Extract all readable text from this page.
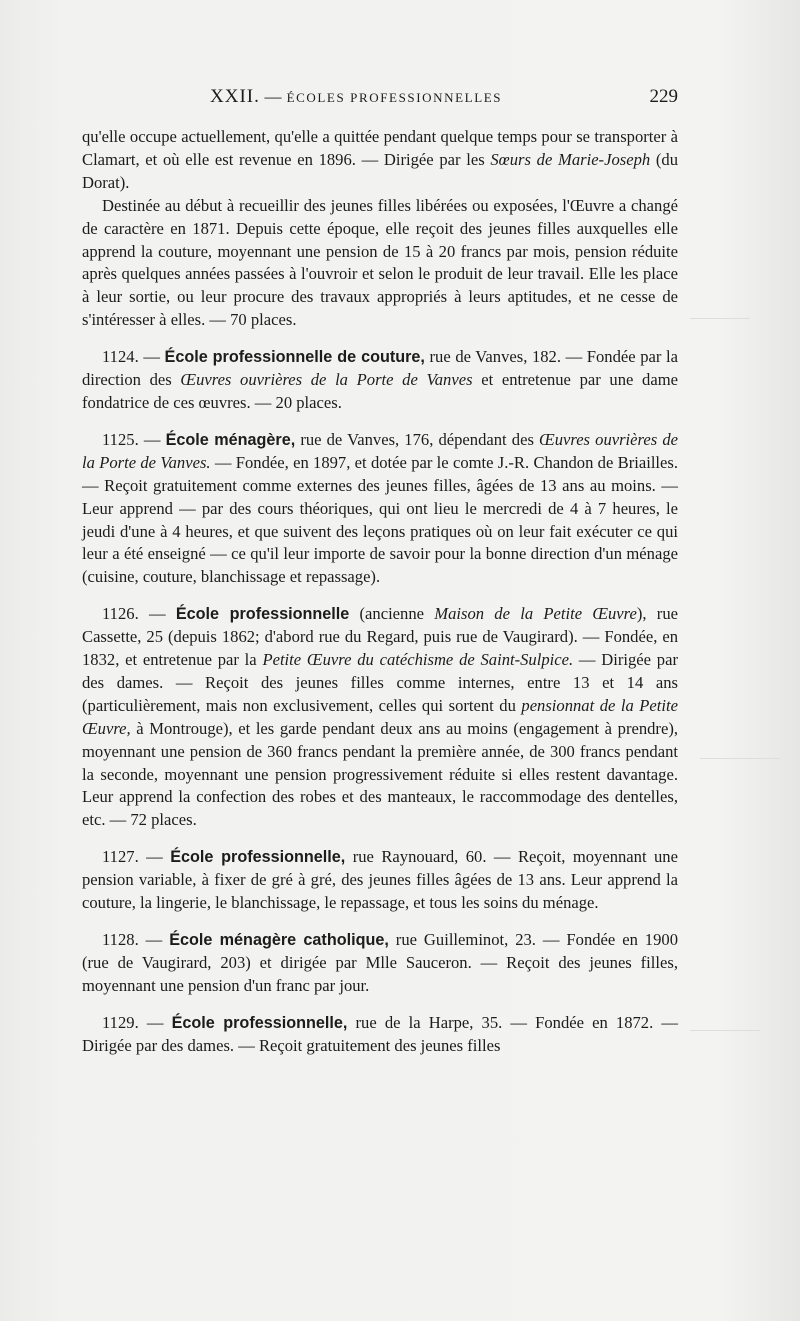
XXII. — ÉCOLES PROFESSIONNELLES	229

qu'elle occupe actuellement, qu'elle a quittée pendant quelque temps pour se transporter à Clamart, et où elle est revenue en 1896. — Dirigée par les Sœurs de Marie-Joseph (du Dorat).

Destinée au début à recueillir des jeunes filles libérées ou exposées, l'Œuvre a changé de caractère en 1871. Depuis cette époque, elle reçoit des jeunes filles auxquelles elle apprend la couture, moyennant une pension de 15 à 20 francs par mois, pension réduite après quelques années passées à l'ouvroir et selon le produit de leur travail. Elle les place à leur sortie, ou leur procure des travaux appropriés à leurs aptitudes, et ne cesse de s'intéresser à elles. — 70 places.

1124. — École professionnelle de couture, rue de Vanves, 182. — Fondée par la direction des Œuvres ouvrières de la Porte de Vanves et entretenue par une dame fondatrice de ces œuvres. — 20 places.

1125. — École ménagère, rue de Vanves, 176, dépendant des Œuvres ouvrières de la Porte de Vanves. — Fondée, en 1897, et dotée par le comte J.-R. Chandon de Briailles. — Reçoit gratuitement comme externes des jeunes filles, âgées de 13 ans au moins. — Leur apprend — par des cours théoriques, qui ont lieu le mercredi de 4 à 7 heures, le jeudi d'une à 4 heures, et que suivent des leçons pratiques où on leur fait exécuter ce qui leur a été enseigné — ce qu'il leur importe de savoir pour la bonne direction d'un ménage (cuisine, couture, blanchissage et repassage).

1126. — École professionnelle (ancienne Maison de la Petite Œuvre), rue Cassette, 25 (depuis 1862; d'abord rue du Regard, puis rue de Vaugirard). — Fondée, en 1832, et entretenue par la Petite Œuvre du catéchisme de Saint-Sulpice. — Dirigée par des dames. — Reçoit des jeunes filles comme internes, entre 13 et 14 ans (particulièrement, mais non exclusivement, celles qui sortent du pensionnat de la Petite Œuvre, à Montrouge), et les garde pendant deux ans au moins (engagement à prendre), moyennant une pension de 360 francs pendant la première année, de 300 francs pendant la seconde, moyennant une pension progressivement réduite si elles restent davantage. Leur apprend la confection des robes et des manteaux, le raccommodage des dentelles, etc. — 72 places.

1127. — École professionnelle, rue Raynouard, 60. — Reçoit, moyennant une pension variable, à fixer de gré à gré, des jeunes filles âgées de 13 ans. Leur apprend la couture, la lingerie, le blanchissage, le repassage, et tous les soins du ménage.

1128. — École ménagère catholique, rue Guilleminot, 23. — Fondée en 1900 (rue de Vaugirard, 203) et dirigée par Mlle Sauceron. — Reçoit des jeunes filles, moyennant une pension d'un franc par jour.

1129. — École professionnelle, rue de la Harpe, 35. — Fondée en 1872. — Dirigée par des dames. — Reçoit gratuitement des jeunes filles
